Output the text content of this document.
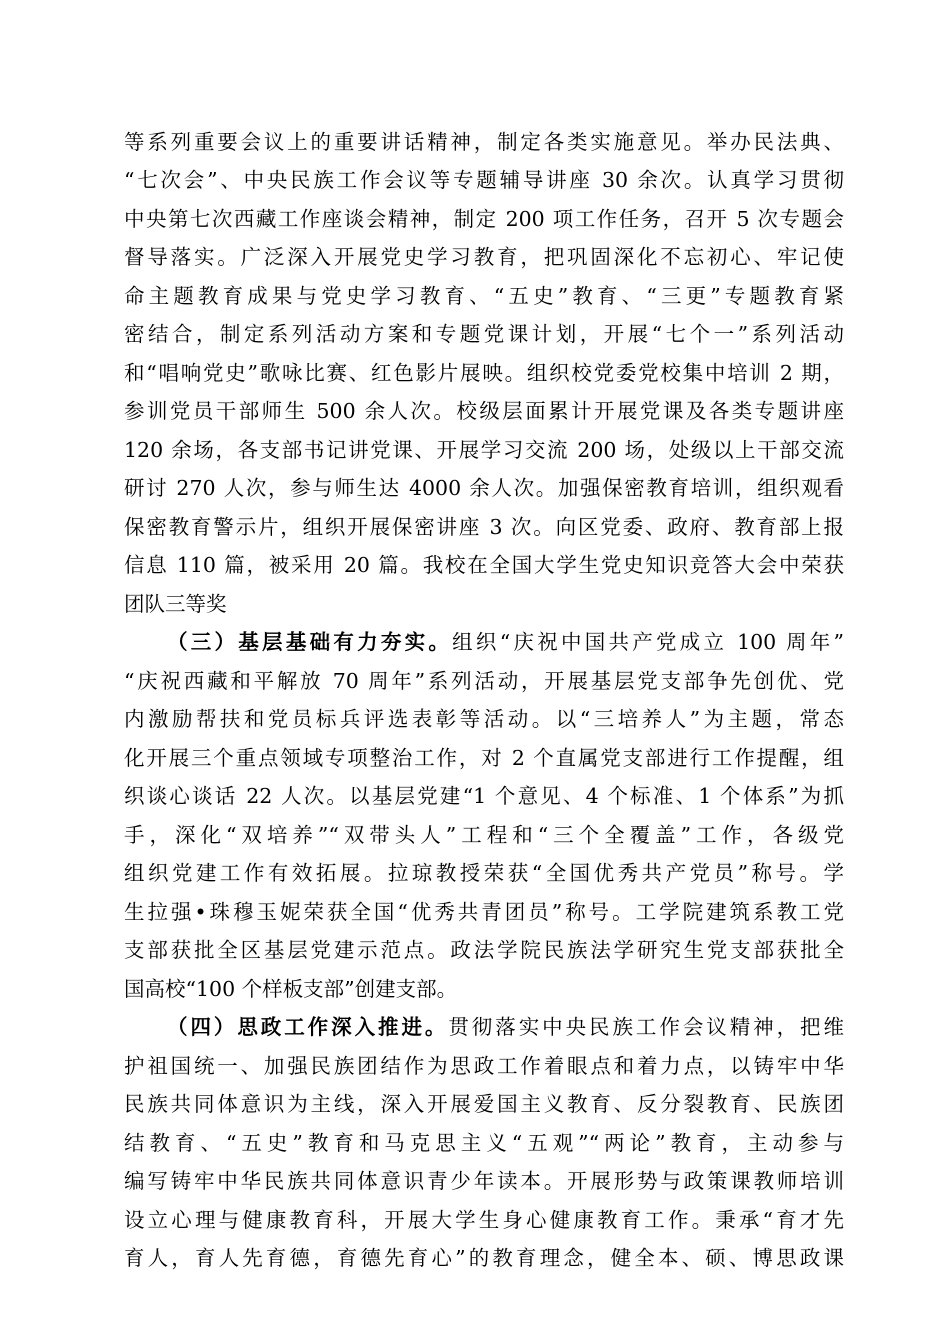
等系列重要会议上的重要讲话精神，制定各类实施意见。举办民法典、
“七次会”、中央民族工作会议等专题辅导讲座 30 余次。认真学习贯彻
中央第七次西藏工作座谈会精神，制定 200 项工作任务，召开 5 次专题会
督导落实。广泛深入开展党史学习教育，把巩固深化不忘初心、牢记使
命主题教育成果与党史学习教育、“五史”教育、“三更”专题教育紧
密结合，制定系列活动方案和专题党课计划，开展“七个一”系列活动
和“唱响党史”歌咏比赛、红色影片展映。组织校党委党校集中培训 2 期，
参训党员干部师生 500 余人次。校级层面累计开展党课及各类专题讲座
120 余场，各支部书记讲党课、开展学习交流 200 场，处级以上干部交流
研讨 270 人次，参与师生达 4000 余人次。加强保密教育培训，组织观看
保密教育警示片，组织开展保密讲座 3 次。向区党委、政府、教育部上报
信息 110 篇，被采用 20 篇。我校在全国大学生党史知识竞答大会中荣获
团队三等奖
（三）基层基础有力夯实。组织“庆祝中国共产党成立 100 周年”
“庆祝西藏和平解放 70 周年”系列活动，开展基层党支部争先创优、党
内激励帮扶和党员标兵评选表彰等活动。以“三培养人”为主题，常态
化开展三个重点领域专项整治工作，对 2 个直属党支部进行工作提醒，组
织谈心谈话 22 人次。以基层党建“1 个意见、4 个标准、1 个体系”为抓
手，深化“双培养”“双带头人”工程和“三个全覆盖”工作，各级党
组织党建工作有效拓展。拉琼教授荣获“全国优秀共产党员”称号。学
生拉强•珠穆玉妮荣获全国“优秀共青团员”称号。工学院建筑系教工党
支部获批全区基层党建示范点。政法学院民族法学研究生党支部获批全
国高校“100 个样板支部”创建支部。
（四）思政工作深入推进。贯彻落实中央民族工作会议精神，把维
护祖国统一、加强民族团结作为思政工作着眼点和着力点，以铸牢中华
民族共同体意识为主线，深入开展爱国主义教育、反分裂教育、民族团
结教育、“五史”教育和马克思主义“五观”“两论”教育，主动参与
编写铸牢中华民族共同体意识青少年读本。开展形势与政策课教师培训
设立心理与健康教育科，开展大学生身心健康教育工作。秉承“育才先
育人，育人先育德，育德先育心”的教育理念，健全本、硕、博思政课
